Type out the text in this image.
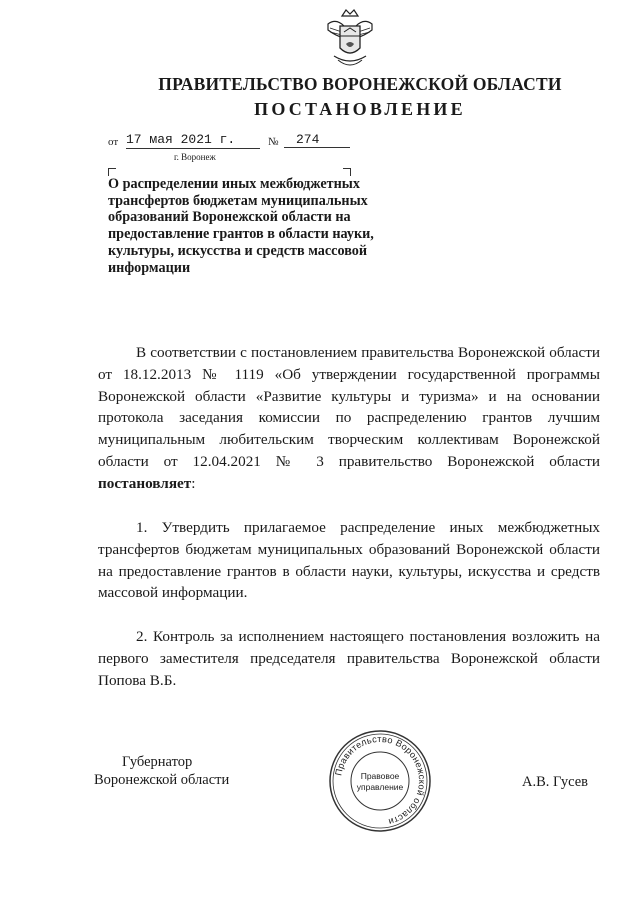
ПРАВИТЕЛЬСТВО ВОРОНЕЖСКОЙ ОБЛАСТИ
ПОСТАНОВЛЕНИЕ
от 17 мая 2021 г.	№	274
г. Воронеж
О распределении иных межбюджетных трансфертов бюджетам муниципальных образований Воронежской области на предоставление грантов в области науки, культуры, искусства и средств массовой информации
В соответствии с постановлением правительства Воронежской области от 18.12.2013 № 1119 «Об утверждении государственной программы Воронежской области «Развитие культуры и туризма» и на основании протокола заседания комиссии по распределению грантов лучшим муниципальным любительским творческим коллективам Воронежской области от 12.04.2021 № 3 правительство Воронежской области постановляет:
1. Утвердить прилагаемое распределение иных межбюджетных трансфертов бюджетам муниципальных образований Воронежской области на предоставление грантов в области науки, культуры, искусства и средств массовой информации.
2. Контроль за исполнением настоящего постановления возложить на первого заместителя председателя правительства Воронежской области Попова В.Б.
Губернатор
Воронежской области	А.В. Гусев
Правительство Воронежской области
Правовое
управление
